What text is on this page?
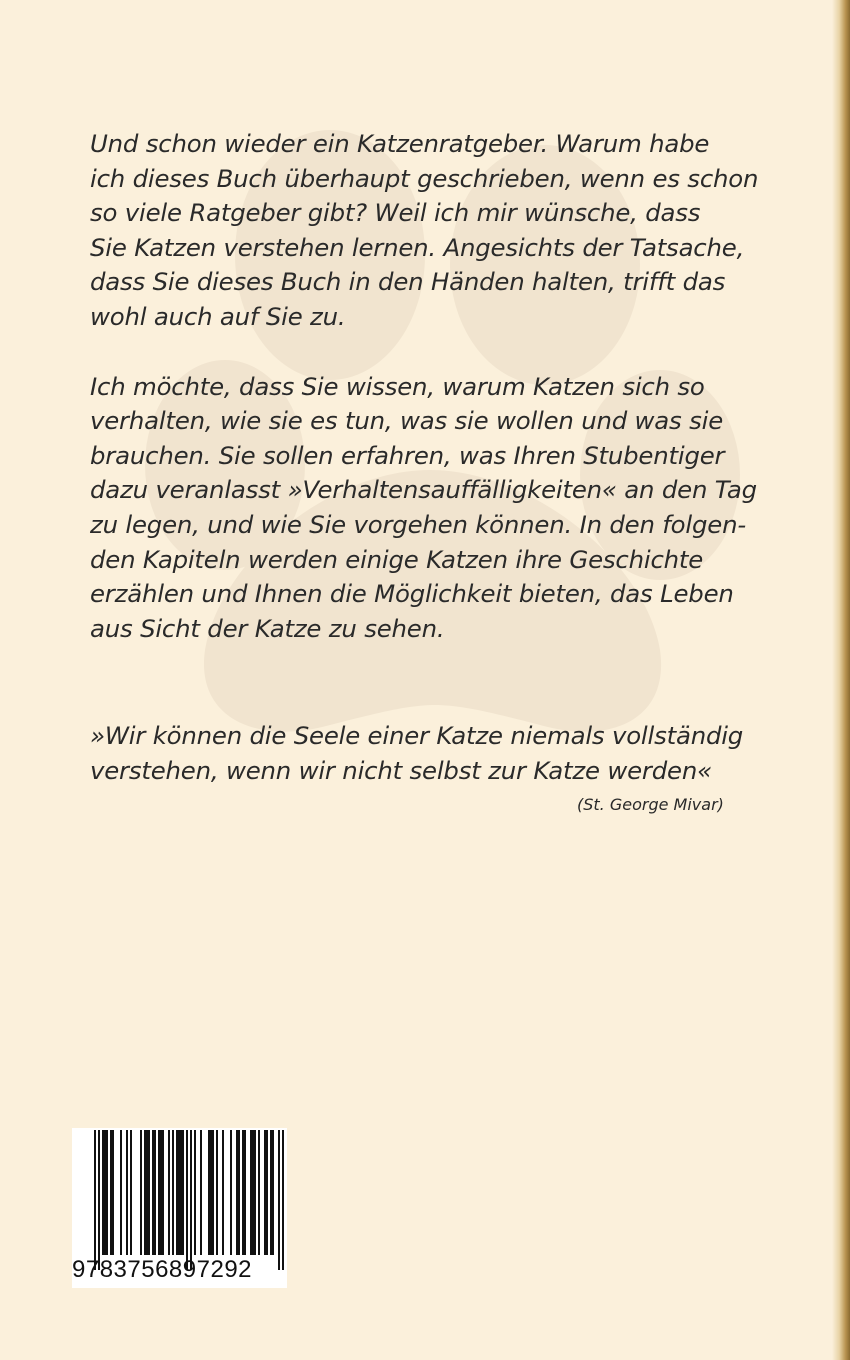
Und schon wieder ein Katzenratgeber. Warum habe
ich dieses Buch überhaupt geschrieben, wenn es schon
so viele Ratgeber gibt? Weil ich mir wünsche, dass
Sie Katzen verstehen lernen. Angesichts der Tatsache,
dass Sie dieses Buch in den Händen halten, trifft das
wohl auch auf Sie zu.
Ich möchte, dass Sie wissen, warum Katzen sich so
verhalten, wie sie es tun, was sie wollen und was sie
brauchen. Sie sollen erfahren, was Ihren Stubentiger
dazu veranlasst »Verhaltensauffälligkeiten« an den Tag
zu legen, und wie Sie vorgehen können. In den folgen-
den Kapiteln werden einige Katzen ihre Geschichte
erzählen und Ihnen die Möglichkeit bieten, das Leben
aus Sicht der Katze zu sehen.
»Wir können die Seele einer Katze niemals vollständig
verstehen, wenn wir nicht selbst zur Katze werden«
(St. George Mivar)
9783756897292
